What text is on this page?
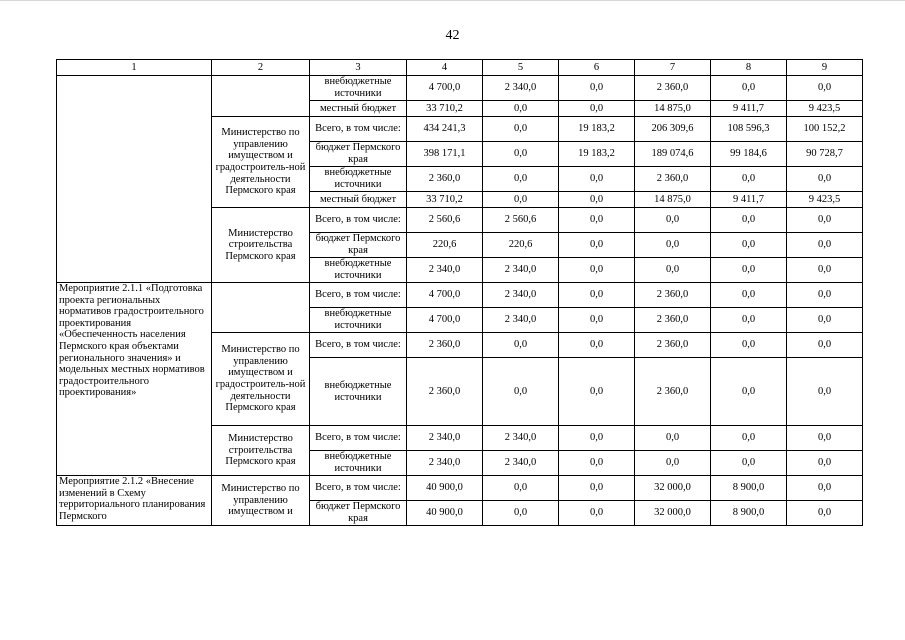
42
1	2	3	4	5	6	7	8	9
		внебюджетные источники	4 700,0	2 340,0	0,0	2 360,0	0,0	0,0
		местный бюджет	33 710,2	0,0	0,0	14 875,0	9 411,7	9 423,5
	Министерство по управлению имуществом и градостроитель-ной деятельности Пермского края	Всего, в том числе:	434 241,3	0,0	19 183,2	206 309,6	108 596,3	100 152,2
		бюджет Пермского края	398 171,1	0,0	19 183,2	189 074,6	99 184,6	90 728,7
		внебюджетные источники	2 360,0	0,0	0,0	2 360,0	0,0	0,0
		местный бюджет	33 710,2	0,0	0,0	14 875,0	9 411,7	9 423,5
	Министерство строительства Пермского края	Всего, в том числе:	2 560,6	2 560,6	0,0	0,0	0,0	0,0
		бюджет Пермского края	220,6	220,6	0,0	0,0	0,0	0,0
		внебюджетные источники	2 340,0	2 340,0	0,0	0,0	0,0	0,0
Мероприятие 2.1.1 «Подготовка проекта региональных нормативов градостроительного проектирования «Обеспеченность населения Пермского края объектами регионального значения» и модельных местных нормативов градостроительного проектирования»		Всего, в том числе:	4 700,0	2 340,0	0,0	2 360,0	0,0	0,0
		внебюджетные источники	4 700,0	2 340,0	0,0	2 360,0	0,0	0,0
	Министерство по управлению имуществом и градостроитель-ной деятельности Пермского края	Всего, в том числе:	2 360,0	0,0	0,0	2 360,0	0,0	0,0
		внебюджетные источники	2 360,0	0,0	0,0	2 360,0	0,0	0,0
	Министерство строительства Пермского края	Всего, в том числе:	2 340,0	2 340,0	0,0	0,0	0,0	0,0
		внебюджетные источники	2 340,0	2 340,0	0,0	0,0	0,0	0,0
Мероприятие 2.1.2 «Внесение изменений в Схему территориального планирования Пермского	Министерство по управлению имуществом и	Всего, в том числе:	40 900,0	0,0	0,0	32 000,0	8 900,0	0,0
		бюджет Пермского края	40 900,0	0,0	0,0	32 000,0	8 900,0	0,0
